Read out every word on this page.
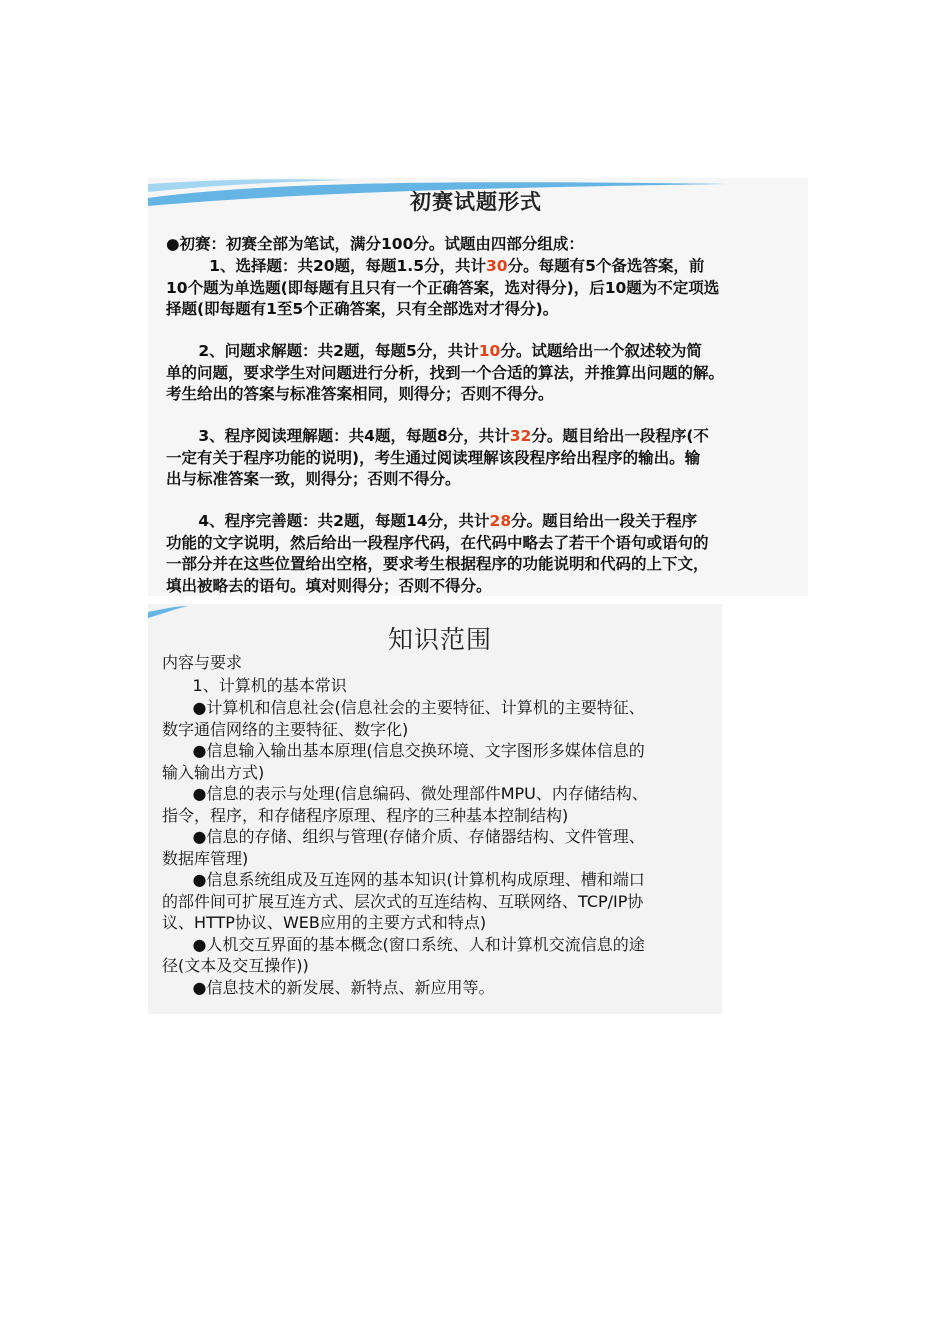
初赛试题形式
●初赛：初赛全部为笔试，满分100分。试题由四部分组成：
1、选择题：共20题，每题1.5分，共计30分。每题有5个备选答案，前
10个题为单选题(即每题有且只有一个正确答案，选对得分)，后10题为不定项选
择题(即每题有1至5个正确答案，只有全部选对才得分)。
2、问题求解题：共2题，每题5分，共计10分。试题给出一个叙述较为简
单的问题，要求学生对问题进行分析，找到一个合适的算法，并推算出问题的解。
考生给出的答案与标准答案相同，则得分；否则不得分。
3、程序阅读理解题：共4题，每题8分，共计32分。题目给出一段程序(不
一定有关于程序功能的说明)，考生通过阅读理解该段程序给出程序的输出。输
出与标准答案一致，则得分；否则不得分。
4、程序完善题：共2题，每题14分，共计28分。题目给出一段关于程序
功能的文字说明，然后给出一段程序代码，在代码中略去了若干个语句或语句的
一部分并在这些位置给出空格，要求考生根据程序的功能说明和代码的上下文，
填出被略去的语句。填对则得分；否则不得分。
知识范围
内容与要求
1、计算机的基本常识
●计算机和信息社会(信息社会的主要特征、计算机的主要特征、
数字通信网络的主要特征、数字化)
●信息输入输出基本原理(信息交换环境、文字图形多媒体信息的
输入输出方式)
●信息的表示与处理(信息编码、微处理部件MPU、内存储结构、
指令，程序，和存储程序原理、程序的三种基本控制结构)
●信息的存储、组织与管理(存储介质、存储器结构、文件管理、
数据库管理)
●信息系统组成及互连网的基本知识(计算机构成原理、槽和端口
的部件间可扩展互连方式、层次式的互连结构、互联网络、TCP/IP协
议、HTTP协议、WEB应用的主要方式和特点)
●人机交互界面的基本概念(窗口系统、人和计算机交流信息的途
径(文本及交互操作))
●信息技术的新发展、新特点、新应用等。
